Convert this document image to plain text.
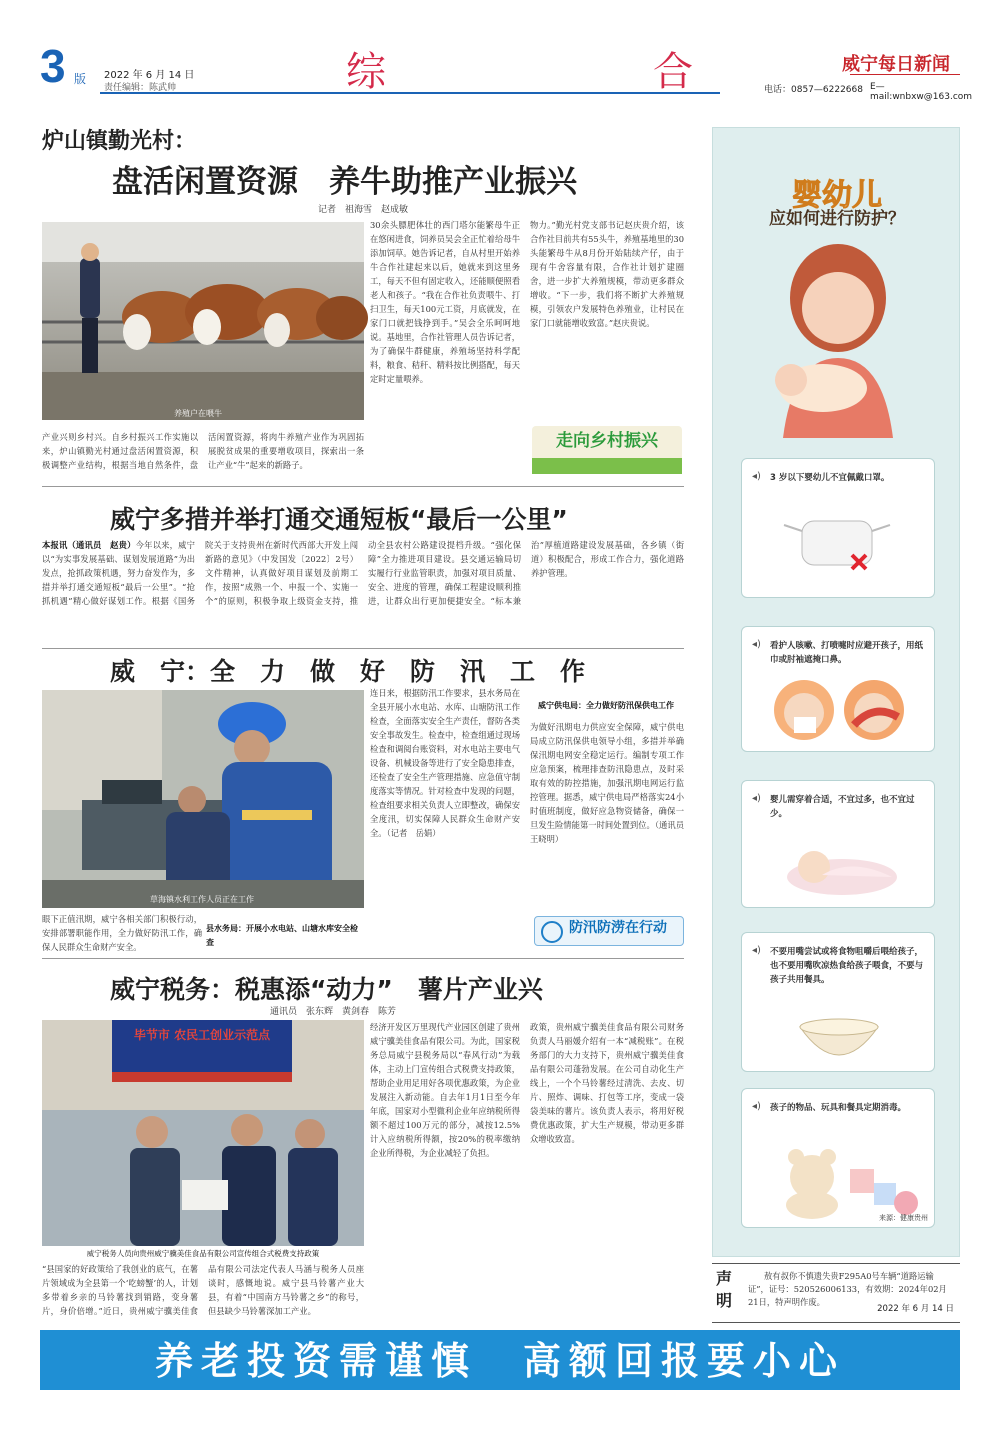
3 版 2022 年 6 月 14 日
责任编辑：陈武帅	综	合	威宁每日新闻
电话：0857—6222668 E—mail:wnbxw@163.com
炉山镇勤光村：
盘活闲置资源　养牛助推产业振兴
记者　祖海雪　赵成敏
养殖户在喂牛
产业兴则乡村兴。自乡村振兴工作实施以来，炉山镇勤光村通过盘活闲置资源，积极调整产业结构，根据当地自然条件，盘活闲置资源，将肉牛养殖产业作为巩固拓展脱贫成果的重要增收项目，探索出一条让产业“牛”起来的新路子。
30余头膘肥体壮的西门塔尔能繁母牛正在悠闲进食，饲养员吴会全正忙着给母牛添加饲草。她告诉记者，自从村里开始养牛合作社建起来以后，她就来到这里务工，每天不但有固定收入，还能顺便照看老人和孩子。“我在合作社负责喂牛、打扫卫生，每天100元工资，月底就发，在家门口就把钱挣到手。”吴会全乐呵呵地说。基地里，合作社管理人员告诉记者，为了确保牛群健康，养殖场坚持科学配料，粮食、秸秆、精料按比例搭配，每天定时定量喂养。
物力。”勤光村党支部书记赵庆贵介绍，该合作社目前共有55头牛，养殖基地里的30头能繁母牛从8月份开始陆续产仔，由于现有牛舍容量有限，合作社计划扩建圈舍，进一步扩大养殖规模，带动更多群众增收。“下一步，我们将不断扩大养殖规模，引领农户发展特色养殖业，让村民在家门口就能增收致富。”赵庆贵说。
走向乡村振兴
威宁多措并举打通交通短板“最后一公里”
本报讯（通讯员　赵贵）今年以来，威宁以“为实事发展基础、谋划发展道路”为出发点，抢抓政策机遇，努力奋发作为，多措并举打通交通短板“最后一公里”。“抢抓机遇”精心做好谋划工作。根据《国务院关于支持贵州在新时代西部大开发上闯新路的意见》（中发国发〔2022〕2号）文件精神，认真做好项目谋划及前期工作，按照“成熟一个、申报一个、实施一个”的原则，积极争取上级资金支持，推动全县农村公路建设提档升级。“强化保障”全力推进项目建设。县交通运输局切实履行行业监管职责，加强对项目质量、安全、进度的管理，确保工程建设顺利推进，让群众出行更加便捷安全。“标本兼治”厚植道路建设发展基础，各乡镇（街道）积极配合，形成工作合力，强化道路养护管理。
威　宁：全　力　做　好　防　汛　工　作
草海镇水利工作人员正在工作
眼下正值汛期，威宁各相关部门积极行动，安排部署职能作用，全力做好防汛工作，确保人民群众生命财产安全。
县水务局：开展小水电站、山塘水库安全检查
连日来，根据防汛工作要求，县水务局在全县开展小水电站、水库、山塘防汛工作检查，全面落实安全生产责任，督防各类安全事故发生。检查中，检查组通过现场检查和调阅台账资料，对水电站主要电气设备、机械设备等进行了安全隐患排查，还检查了安全生产管理措施、应急值守制度落实等情况。针对检查中发现的问题，检查组要求相关负责人立即整改，确保安全度汛，切实保障人民群众生命财产安全。（记者　岳娟）
威宁供电局：全力做好防汛保供电工作
为做好汛期电力供应安全保障，威宁供电局成立防汛保供电领导小组，多措并举确保汛期电网安全稳定运行。编制专项工作应急预案，梳理排查防汛隐患点，及时采取有效的防控措施，加强汛期电网运行监控管理。据悉，威宁供电局严格落实24小时值班制度，做好应急物资储备，确保一旦发生险情能第一时间处置到位。（通讯员　王晓明）
防汛防涝在行动
威宁税务：税惠添“动力”　薯片产业兴
通讯员　张东辉　黄剑春　陈芳
毕节市 农民工创业示范点
威宁税务人员向贵州威宁骥美佳食品有限公司宣传组合式税费支持政策
“县国家的好政策给了我创业的底气，在薯片领域成为全县第一个‘吃螃蟹’的人，计划多带着乡亲的马铃薯找到销路，变身薯片，身价倍增。”近日，贵州威宁骥美佳食品有限公司法定代表人马涵与税务人员座谈时，感慨地说。威宁县马铃薯产业大县，有着“中国南方马铃薯之乡”的称号，但县缺少马铃薯深加工产业。
经济开发区万里现代产业园区创建了贵州威宁骥美佳食品有限公司。为此，国家税务总局威宁县税务局以“春风行动”为载体，主动上门宣传组合式税费支持政策，帮助企业用足用好各项优惠政策，为企业发展注入新动能。自去年1月1日至今年年底，国家对小型微利企业年应纳税所得额不超过100万元的部分，减按12.5%计入应纳税所得额，按20%的税率缴纳企业所得税，为企业减轻了负担。
政策，贵州威宁骥美佳食品有限公司财务负责人马丽媛介绍有一本“减税账”。在税务部门的大力支持下，贵州威宁骥美佳食品有限公司蓬勃发展。在公司自动化生产线上，一个个马铃薯经过清洗、去皮、切片、照炸、调味、打包等工序，变成一袋袋美味的薯片。该负责人表示，将用好税费优惠政策，扩大生产规模，带动更多群众增收致富。
婴幼儿
应如何进行防护？
◂) 3 岁以下婴幼儿不宜佩戴口罩。
◂) 看护人咳嗽、打喷嚏时应避开孩子，用纸巾或肘袖遮掩口鼻。
◂) 婴儿需穿着合适，不宜过多，也不宜过少。
◂) 不要用嘴尝试或将食物咀嚼后喂给孩子，也不要用嘴吹凉热食给孩子喂食，不要与孩子共用餐具。
◂) 孩子的物品、玩具和餐具定期消毒。
来源：健康贵州
声明
敖有叔你不慎遗失贵F295A0号车辆“道路运输证”，证号：520526006133，有效期：2024年02月21日，特声明作废。
2022 年 6 月 14 日
养老投资需谨慎　高额回报要小心
